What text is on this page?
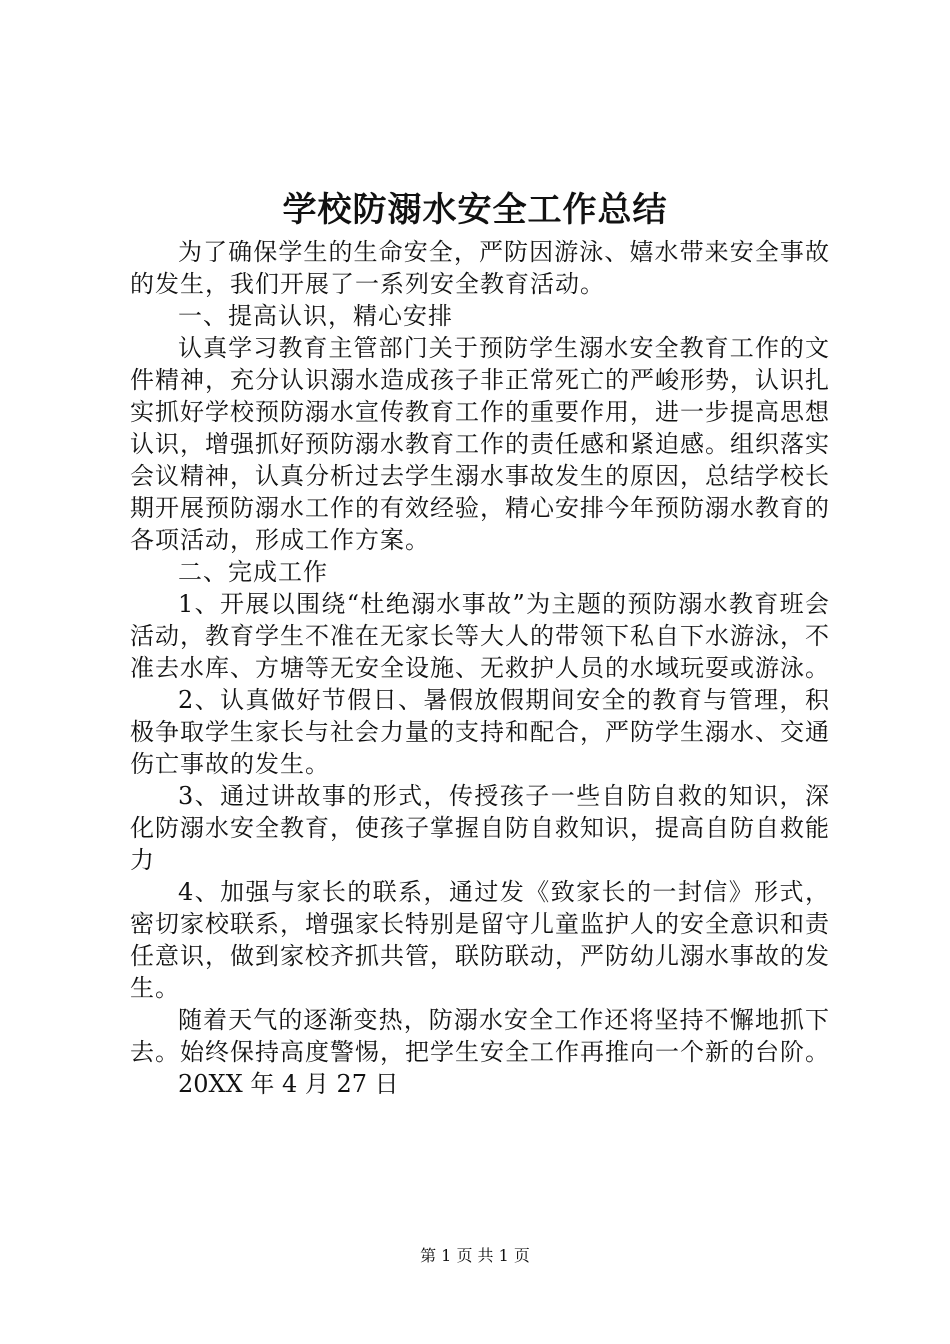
学校防溺水安全工作总结

为了确保学生的生命安全，严防因游泳、嬉水带来安全事故的发生，我们开展了一系列安全教育活动。

一、提高认识，精心安排

认真学习教育主管部门关于预防学生溺水安全教育工作的文件精神，充分认识溺水造成孩子非正常死亡的严峻形势，认识扎实抓好学校预防溺水宣传教育工作的重要作用，进一步提高思想认识，增强抓好预防溺水教育工作的责任感和紧迫感。组织落实会议精神，认真分析过去学生溺水事故发生的原因，总结学校长期开展预防溺水工作的有效经验，精心安排今年预防溺水教育的各项活动，形成工作方案。

二、完成工作

1、开展以围绕“杜绝溺水事故”为主题的预防溺水教育班会活动，教育学生不准在无家长等大人的带领下私自下水游泳，不准去水库、方塘等无安全设施、无救护人员的水域玩耍或游泳。

2、认真做好节假日、暑假放假期间安全的教育与管理，积极争取学生家长与社会力量的支持和配合，严防学生溺水、交通伤亡事故的发生。

3、通过讲故事的形式，传授孩子一些自防自救的知识，深化防溺水安全教育，使孩子掌握自防自救知识，提高自防自救能力

4、加强与家长的联系，通过发《致家长的一封信》形式，密切家校联系，增强家长特别是留守儿童监护人的安全意识和责任意识，做到家校齐抓共管，联防联动，严防幼儿溺水事故的发生。

随着天气的逐渐变热，防溺水安全工作还将坚持不懈地抓下去。始终保持高度警惕，把学生安全工作再推向一个新的台阶。

20XX 年 4 月 27 日

第 1 页 共 1 页
